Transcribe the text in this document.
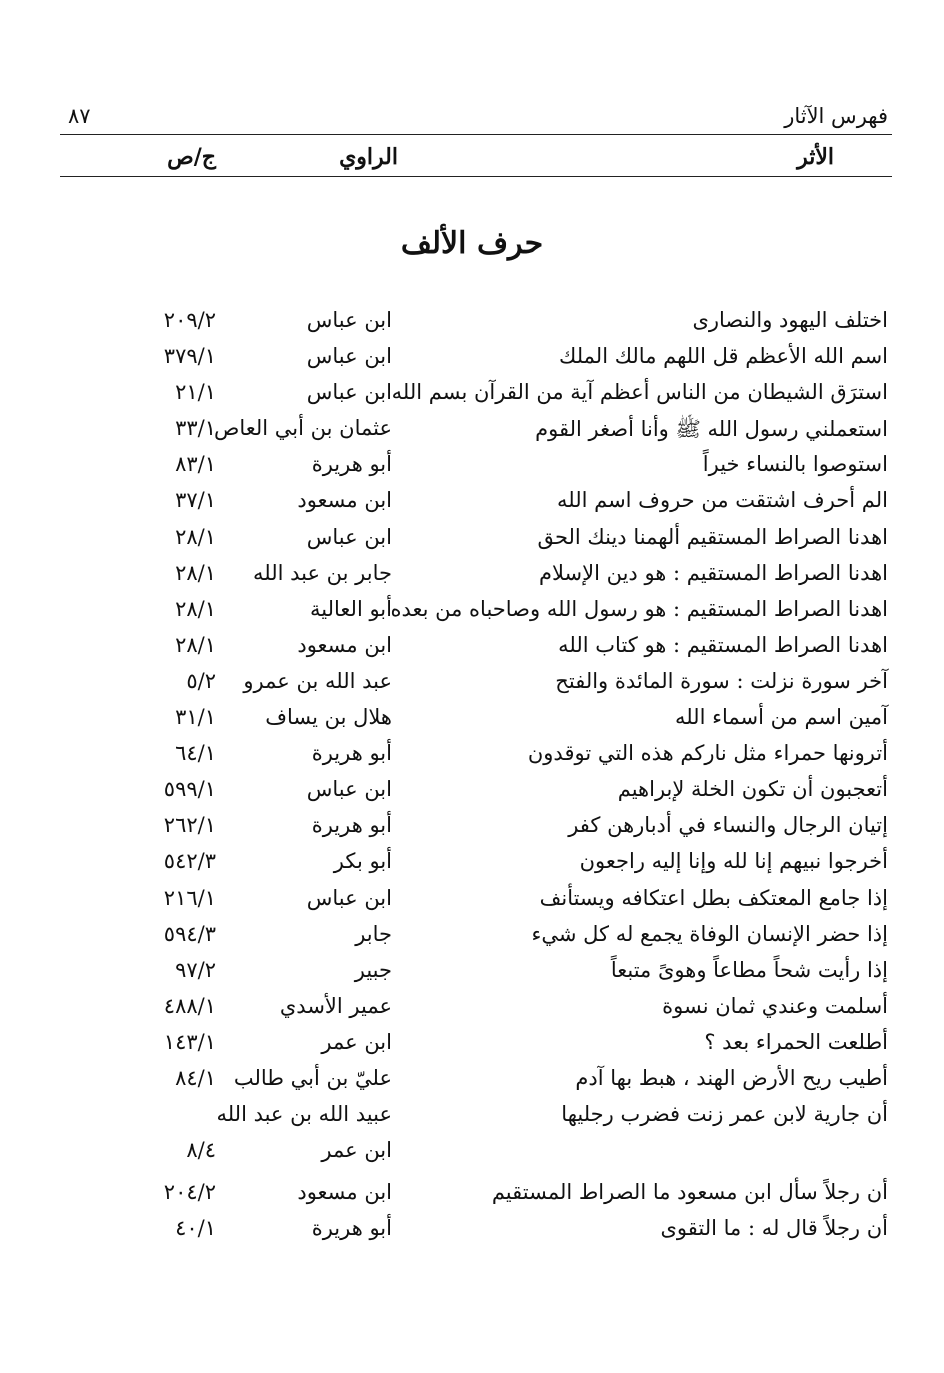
فهرس الآثار
٨٧
الأثر
الراوي
ج/ص
حرف الألف
اختلف اليهود والنصارى
ابن عباس
٢٠٩/٢
اسم الله الأعظم قل اللهم مالك الملك
ابن عباس
٣٧٩/١
استرَق الشيطان من الناس أعظم آية من القرآن بسم الله
ابن عباس
٢١/١
استعملني رسول الله ﷺ وأنا أصغر القوم
عثمان بن أبي العاص
٣٣/١
استوصوا بالنساء خيراً
أبو هريرة
٨٣/١
الم أحرف اشتقت من حروف اسم الله
ابن مسعود
٣٧/١
اهدنا الصراط المستقيم ألهمنا دينك الحق
ابن عباس
٢٨/١
اهدنا الصراط المستقيم : هو دين الإسلام
جابر بن عبد الله
٢٨/١
اهدنا الصراط المستقيم : هو رسول الله وصاحباه من بعده
أبو العالية
٢٨/١
اهدنا الصراط المستقيم : هو كتاب الله
ابن مسعود
٢٨/١
آخر سورة نزلت : سورة المائدة والفتح
عبد الله بن عمرو
٥/٢
آمين اسم من أسماء الله
هلال بن يساف
٣١/١
أترونها حمراء مثل ناركم هذه التي توقدون
أبو هريرة
٦٤/١
أتعجبون أن تكون الخلة لإبراهيم
ابن عباس
٥٩٩/١
إتيان الرجال والنساء في أدبارهن كفر
أبو هريرة
٢٦٢/١
أخرجوا نبيهم إنا لله وإنا إليه راجعون
أبو بكر
٥٤٢/٣
إذا جامع المعتكف بطل اعتكافه ويستأنف
ابن عباس
٢١٦/١
إذا حضر الإنسان الوفاة يجمع له كل شيء
جابر
٥٩٤/٣
إذا رأيت شحاً مطاعاً وهوىً متبعاً
جبير
٩٧/٢
أسلمت وعندي ثمان نسوة
عمير الأسدي
٤٨٨/١
أطلعت الحمراء بعد ؟
ابن عمر
١٤٣/١
أطيب ريح الأرض الهند ، هبط بها آدم
عليّ بن أبي طالب
٨٤/١
أن جارية لابن عمر زنت فضرب رجليها
عبيد الله بن عبد الله
ابن عمر
٨/٤
أن رجلاً سأل ابن مسعود ما الصراط المستقيم
ابن مسعود
٢٠٤/٢
أن رجلاً قال له : ما التقوى
أبو هريرة
٤٠/١
